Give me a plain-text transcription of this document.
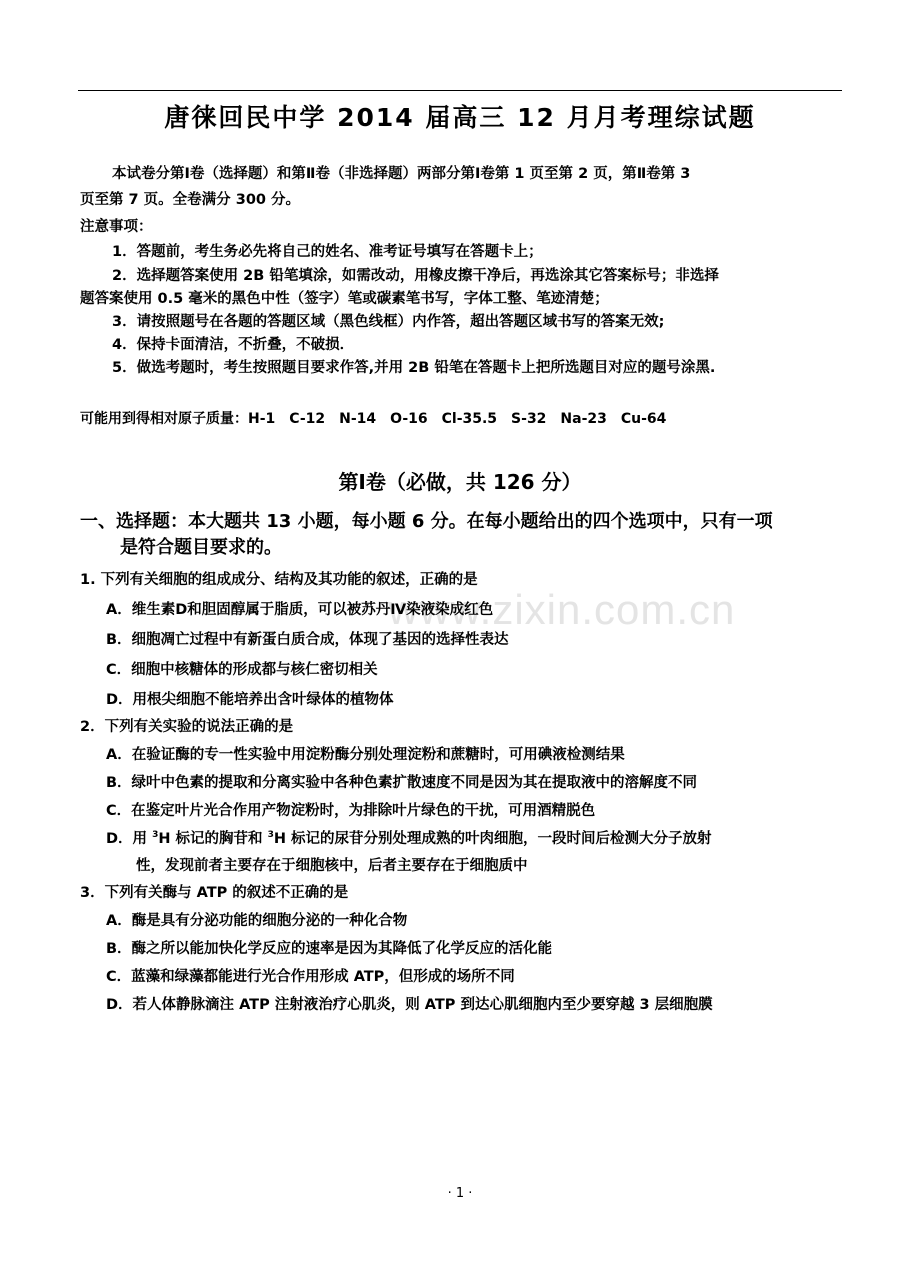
唐徕回民中学 2014 届高三 12 月月考理综试题
本试卷分第Ⅰ卷（选择题）和第Ⅱ卷（非选择题）两部分第Ⅰ卷第 1 页至第 2 页，第Ⅱ卷第 3
页至第 7 页。全卷满分 300 分。
注意事项：
1．答题前，考生务必先将自己的姓名、准考证号填写在答题卡上；
2．选择题答案使用 2B 铅笔填涂，如需改动，用橡皮擦干净后，再选涂其它答案标号；非选择
题答案使用 0.5 毫米的黑色中性（签字）笔或碳素笔书写，字体工整、笔迹清楚；
3．请按照题号在各题的答题区域（黑色线框）内作答，超出答题区域书写的答案无效;
4．保持卡面清洁，不折叠，不破损．
5．做选考题时，考生按照题目要求作答,并用 2B 铅笔在答题卡上把所选题目对应的题号涂黑.
可能用到得相对原子质量：H-1　C-12　N-14　O-16　Cl-35.5　S-32　Na-23　Cu-64
第Ⅰ卷（必做，共 126 分）
一、选择题：本大题共 13 小题，每小题 6 分。在每小题给出的四个选项中，只有一项
是符合题目要求的。
www.zixin.com.cn
1. 下列有关细胞的组成成分、结构及其功能的叙述，正确的是
A．维生素D和胆固醇属于脂质，可以被苏丹Ⅳ染液染成红色
B．细胞凋亡过程中有新蛋白质合成，体现了基因的选择性表达
C．细胞中核糖体的形成都与核仁密切相关
D．用根尖细胞不能培养出含叶绿体的植物体
2．下列有关实验的说法正确的是
A．在验证酶的专一性实验中用淀粉酶分别处理淀粉和蔗糖时，可用碘液检测结果
B．绿叶中色素的提取和分离实验中各种色素扩散速度不同是因为其在提取液中的溶解度不同
C．在鉴定叶片光合作用产物淀粉时，为排除叶片绿色的干扰，可用酒精脱色
D．用 $^3$H 标记的胸苷和 $^3$H 标记的尿苷分别处理成熟的叶肉细胞，一段时间后检测大分子放射
性，发现前者主要存在于细胞核中，后者主要存在于细胞质中
3．下列有关酶与 ATP 的叙述不正确的是
A．酶是具有分泌功能的细胞分泌的一种化合物
B．酶之所以能加快化学反应的速率是因为其降低了化学反应的活化能
C．蓝藻和绿藻都能进行光合作用形成 ATP，但形成的场所不同
D．若人体静脉滴注 ATP 注射液治疗心肌炎，则 ATP 到达心肌细胞内至少要穿越 3 层细胞膜
· 1 ·
